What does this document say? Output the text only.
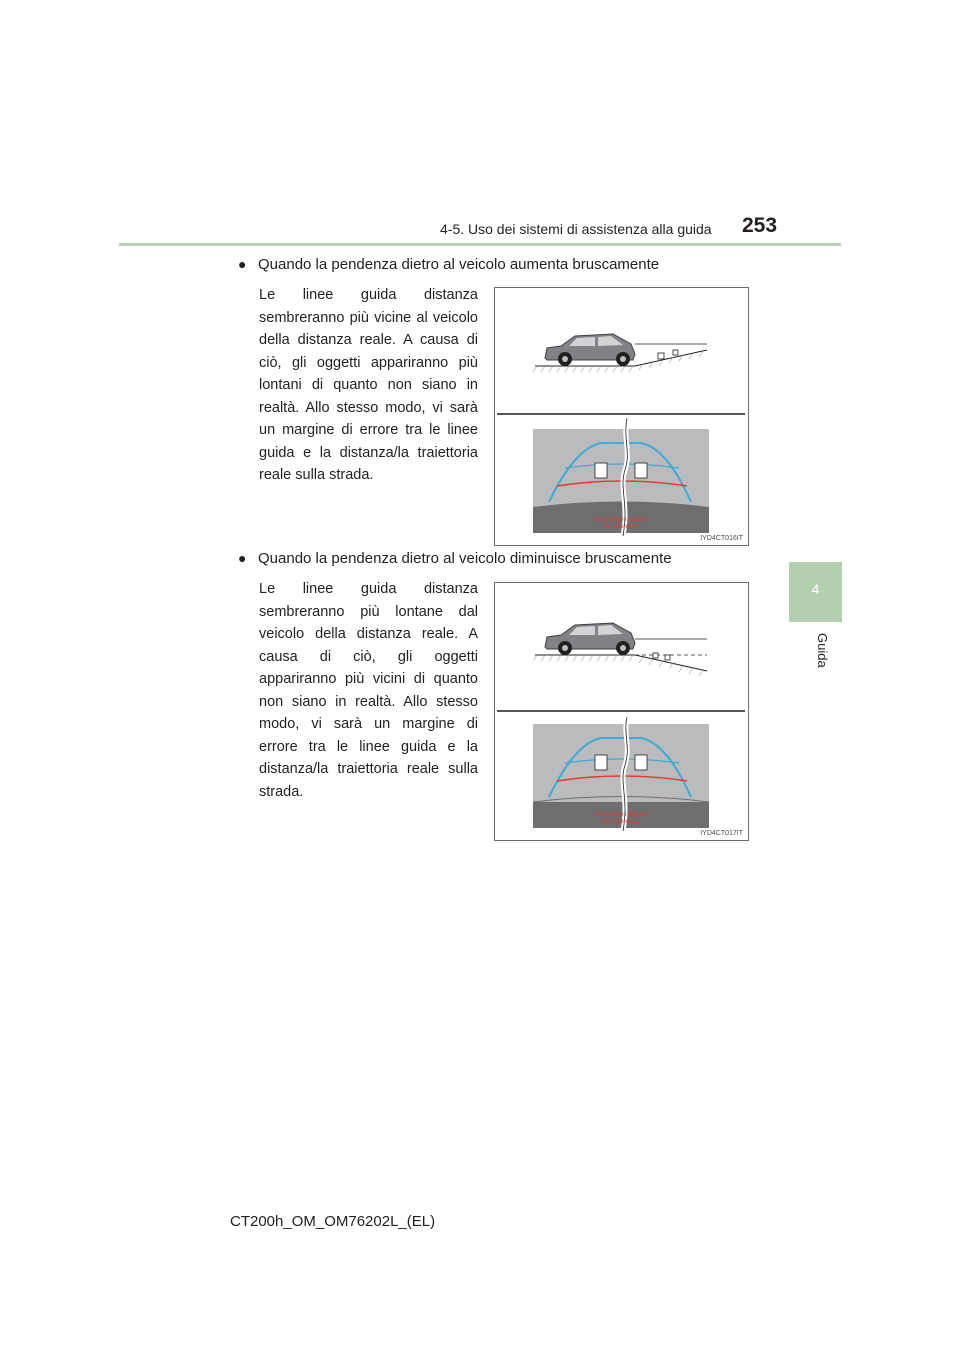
4-5. Uso dei sistemi di assistenza alla guida 253
4
Guida
● Quando la pendenza dietro al veicolo aumenta bruscamente
Le linee guida distanza sembreranno più vicine al veicolo della distanza reale. A causa di ciò, gli oggetti appariranno più lontani di quanto non siano in realtà. Allo stesso modo, vi sarà un margine di errore tra le linee guida e la distanza/la traiettoria reale sulla strada.
Controllare i dintorni
per sicurezza.
IYD4CT016IT
● Quando la pendenza dietro al veicolo diminuisce bruscamente
Le linee guida distanza sembreranno più lontane dal veicolo della distanza reale. A causa di ciò, gli oggetti appariranno più vicini di quanto non siano in realtà. Allo stesso modo, vi sarà un margine di errore tra le linee guida e la distanza/la traiettoria reale sulla strada.
Controllare i dintorni
per sicurezza.
IYD4CT017IT
CT200h_OM_OM76202L_(EL)
